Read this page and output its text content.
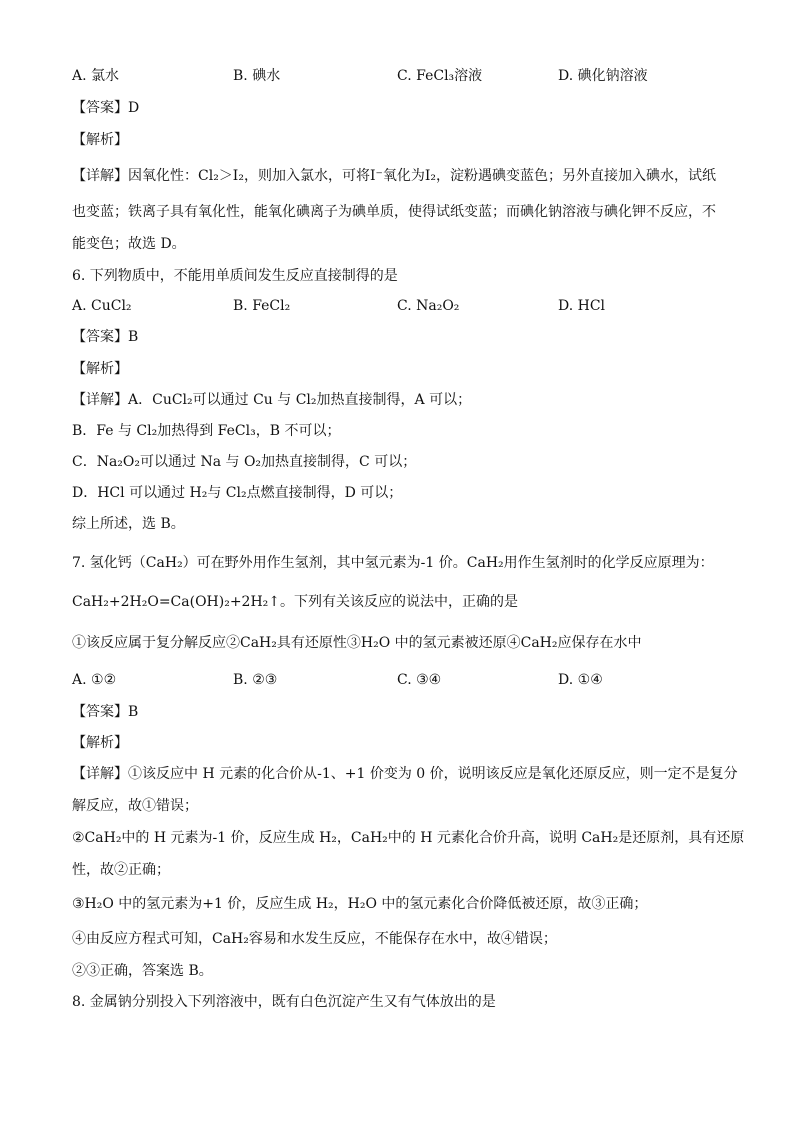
A. 氯水	B. 碘水	C. FeCl₃溶液	D. 碘化钠溶液
【答案】D
【解析】
【详解】因氧化性：Cl₂＞I₂，则加入氯水，可将I⁻氧化为I₂，淀粉遇碘变蓝色；另外直接加入碘水，试纸
也变蓝；铁离子具有氧化性，能氧化碘离子为碘单质，使得试纸变蓝；而碘化钠溶液与碘化钾不反应，不
能变色；故选 D。
6. 下列物质中，不能用单质间发生反应直接制得的是
A. CuCl₂	B. FeCl₂	C. Na₂O₂	D. HCl
【答案】B
【解析】
【详解】A．CuCl₂可以通过 Cu 与 Cl₂加热直接制得，A 可以；
B．Fe 与 Cl₂加热得到 FeCl₃，B 不可以；
C．Na₂O₂可以通过 Na 与 O₂加热直接制得，C 可以；
D．HCl 可以通过 H₂与 Cl₂点燃直接制得，D 可以；
综上所述，选 B。
7. 氢化钙（CaH₂）可在野外用作生氢剂，其中氢元素为-1 价。CaH₂用作生氢剂时的化学反应原理为：
CaH₂+2H₂O=Ca(OH)₂+2H₂↑。下列有关该反应的说法中，正确的是
①该反应属于复分解反应②CaH₂具有还原性③H₂O 中的氢元素被还原④CaH₂应保存在水中
A. ①②	B. ②③	C. ③④	D. ①④
【答案】B
【解析】
【详解】①该反应中 H 元素的化合价从-1、+1 价变为 0 价，说明该反应是氧化还原反应，则一定不是复分
解反应，故①错误；
②CaH₂中的 H 元素为-1 价，反应生成 H₂，CaH₂中的 H 元素化合价升高，说明 CaH₂是还原剂，具有还原
性，故②正确；
③H₂O 中的氢元素为+1 价，反应生成 H₂，H₂O 中的氢元素化合价降低被还原，故③正确；
④由反应方程式可知，CaH₂容易和水发生反应，不能保存在水中，故④错误；
②③正确，答案选 B。
8. 金属钠分别投入下列溶液中，既有白色沉淀产生又有气体放出的是
